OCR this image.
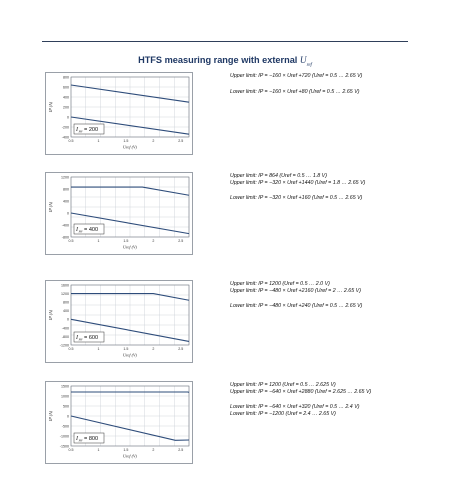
HTFS measuring range with external $U_{ref}$
800
600
400
200
0
-200
-400
0.5	1	1.5	2	2.5
Uref (V)
IP (A)
I PN = 200
Upper limit: IP = −160 × Uref +720 (Uref = 0.5 … 2.65 V)
Lower limit: IP = −160 × Uref +80 (Uref = 0.5 … 2.65 V)
1200
800
400
0
-400
-800
0.5	1	1.5	2	2.5
Uref (V)
IP (A)
I PN = 400
Upper limit: IP = 864 (Uref = 0.5 … 1.8 V)
Upper limit: IP = −320 × Uref +1440 (Uref = 1.8 … 2.65 V)
Lower limit: IP = −320 × Uref +160 (Uref = 0.5 … 2.65 V)
1600
1200
800
400
0
-400
-800
-1200
0.5	1	1.5	2	2.5
Uref (V)
IP (A)
I PN = 600
Upper limit: IP = 1200 (Uref = 0.5 … 2.0 V)
Upper limit: IP = −480 × Uref +2160 (Uref = 2 … 2.65 V)
Lower limit: IP = −480 × Uref +240 (Uref = 0.5 … 2.65 V)
1500
1000
500
0
-500
-1000
-1500
0.5	1	1.5	2	2.5
Uref (V)
IP (A)
I PN = 800
Upper limit: IP = 1200 (Uref = 0.5 … 2.625 V)
Upper limit: IP = −640 × Uref +2880 (Uref = 2.625 … 2.65 V)
Lower limit: IP = −640 × Uref +320 (Uref = 0.5 … 2.4 V)
Lower limit: IP = −1200 (Uref = 2.4 … 2.65 V)
